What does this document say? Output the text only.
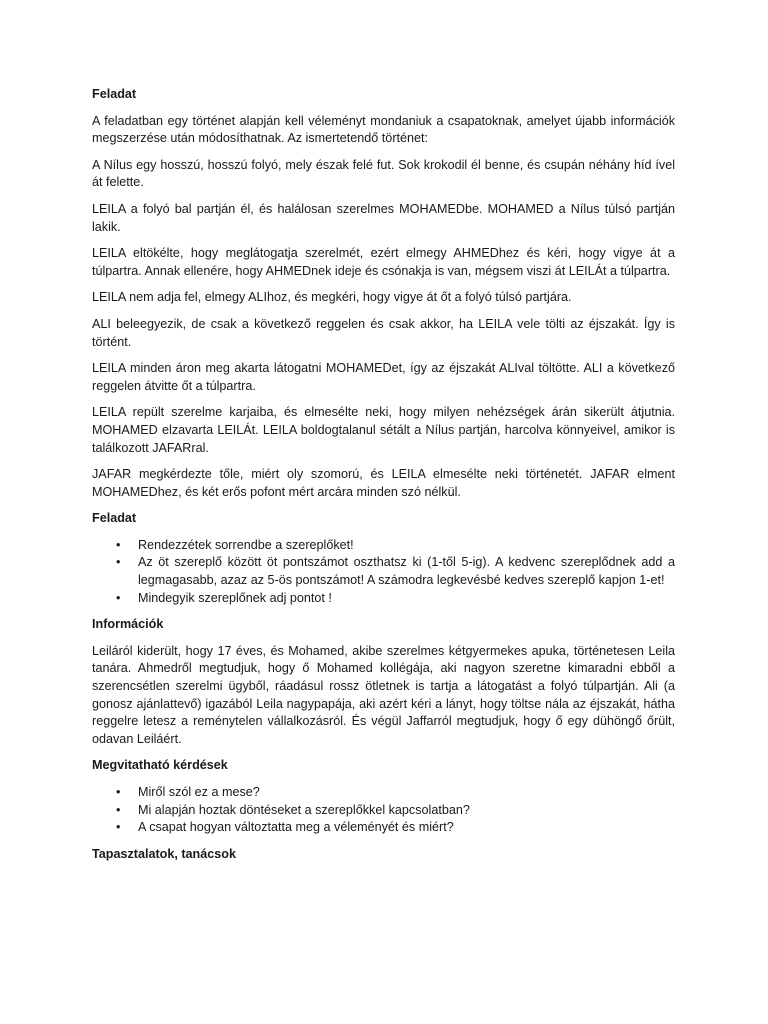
Feladat

A feladatban egy történet alapján kell véleményt mondaniuk a csapatoknak, amelyet újabb információk megszerzése után módosíthatnak. Az ismertetendő történet:

A Nílus egy hosszú, hosszú folyó, mely észak felé fut. Sok krokodil él benne, és csupán néhány híd ível át felette.

LEILA a folyó bal partján él, és halálosan szerelmes MOHAMEDbe. MOHAMED a Nílus túlsó partján lakik.

LEILA eltökélte, hogy meglátogatja szerelmét, ezért elmegy AHMEDhez és kéri, hogy vigye át a túlpartra. Annak ellenére, hogy AHMEDnek ideje és csónakja is van, mégsem viszi át LEILÁt a túlpartra.

LEILA nem adja fel, elmegy ALIhoz, és megkéri, hogy vigye át őt a folyó túlsó partjára.

ALI beleegyezik, de csak a következő reggelen és csak akkor, ha LEILA vele tölti az éjszakát. Így is történt.

LEILA minden áron meg akarta látogatni MOHAMEDet, így az éjszakát ALIval töltötte. ALI a következő reggelen átvitte őt a túlpartra.

LEILA repült szerelme karjaiba, és elmesélte neki, hogy milyen nehézségek árán sikerült átjutnia. MOHAMED elzavarta LEILÁt. LEILA boldogtalanul sétált a Nílus partján, harcolva könnyeivel, amikor is találkozott JAFARral.

JAFAR megkérdezte tőle, miért oly szomorú, és LEILA elmesélte neki történetét. JAFAR elment MOHAMEDhez, és két erős pofont mért arcára minden szó nélkül.

Feladat

• Rendezzétek sorrendbe a szereplőket!
• Az öt szereplő között öt pontszámot oszthatsz ki (1-től 5-ig). A kedvenc szereplődnek add a legmagasabb, azaz az 5-ös pontszámot! A számodra legkevésbé kedves szereplő kapjon 1-et!
• Mindegyik szereplőnek adj pontot !

Információk

Leiláról kiderült, hogy 17 éves, és Mohamed, akibe szerelmes kétgyermekes apuka, történetesen Leila tanára. Ahmedről megtudjuk, hogy ő Mohamed kollégája, aki nagyon szeretne kimaradni ebből a szerencsétlen szerelmi ügyből, ráadásul rossz ötletnek is tartja a látogatást a folyó túlpartján. Ali (a gonosz ajánlattevő) igazából Leila nagypapája, aki azért kéri a lányt, hogy töltse nála az éjszakát, hátha reggelre letesz a reménytelen vállalkozásról. És végül Jaffarról megtudjuk, hogy ő egy dühöngő őrült, odavan Leiláért.

Megvitatható kérdések

• Miről szól ez a mese?
• Mi alapján hoztak döntéseket a szereplőkkel kapcsolatban?
• A csapat hogyan változtatta meg a véleményét és miért?

Tapasztalatok, tanácsok
